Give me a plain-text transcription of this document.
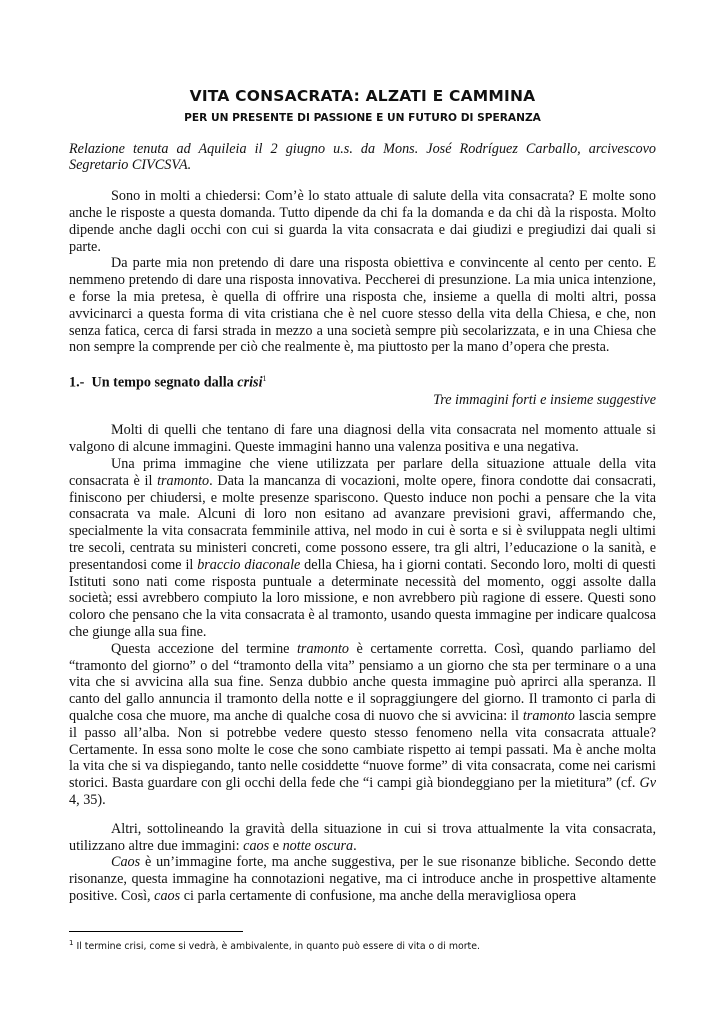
VITA CONSACRATA: ALZATI E CAMMINA
PER UN PRESENTE DI PASSIONE E UN FUTURO DI SPERANZA
Relazione tenuta ad Aquileia il 2 giugno u.s. da Mons. José Rodríguez Carballo, arcivescovo Segretario CIVCSVA.

Sono in molti a chiedersi: Com’è lo stato attuale di salute della vita consacrata? E molte sono anche le risposte a questa domanda. Tutto dipende da chi fa la domanda e da chi dà la risposta. Molto dipende anche dagli occhi con cui si guarda la vita consacrata e dai giudizi e pregiudizi dai quali si parte.

Da parte mia non pretendo di dare una risposta obiettiva e convincente al cento per cento. E nemmeno pretendo di dare una risposta innovativa. Peccherei di presunzione. La mia unica intenzione, e forse la mia pretesa, è quella di offrire una risposta che, insieme a quella di molti altri, possa avvicinarci a questa forma di vita cristiana che è nel cuore stesso della vita della Chiesa, e che, non senza fatica, cerca di farsi strada in mezzo a una società sempre più secolarizzata, e in una Chiesa che non sempre la comprende per ciò che realmente è, ma piuttosto per la mano d’opera che presta.

1.- Un tempo segnato dalla crisi$^1$
Tre immagini forti e insieme suggestive

Molti di quelli che tentano di fare una diagnosi della vita consacrata nel momento attuale si valgono di alcune immagini. Queste immagini hanno una valenza positiva e una negativa.

Una prima immagine che viene utilizzata per parlare della situazione attuale della vita consacrata è il tramonto. Data la mancanza di vocazioni, molte opere, finora condotte dai consacrati, finiscono per chiudersi, e molte presenze spariscono. Questo induce non pochi a pensare che la vita consacrata va male. Alcuni di loro non esitano ad avanzare previsioni gravi, affermando che, specialmente la vita consacrata femminile attiva, nel modo in cui è sorta e si è sviluppata negli ultimi tre secoli, centrata su ministeri concreti, come possono essere, tra gli altri, l’educazione o la sanità, e presentandosi come il braccio diaconale della Chiesa, ha i giorni contati. Secondo loro, molti di questi Istituti sono nati come risposta puntuale a determinate necessità del momento, oggi assolte dalla società; essi avrebbero compiuto la loro missione, e non avrebbero più ragione di essere. Questi sono coloro che pensano che la vita consacrata è al tramonto, usando questa immagine per indicare qualcosa che giunge alla sua fine.

Questa accezione del termine tramonto è certamente corretta. Così, quando parliamo del “tramonto del giorno” o del “tramonto della vita” pensiamo a un giorno che sta per terminare o a una vita che si avvicina alla sua fine. Senza dubbio anche questa immagine può aprirci alla speranza. Il canto del gallo annuncia il tramonto della notte e il sopraggiungere del giorno. Il tramonto ci parla di qualche cosa che muore, ma anche di qualche cosa di nuovo che si avvicina: il tramonto lascia sempre il passo all’alba. Non si potrebbe vedere questo stesso fenomeno nella vita consacrata attuale? Certamente. In essa sono molte le cose che sono cambiate rispetto ai tempi passati. Ma è anche molta la vita che si va dispiegando, tanto nelle cosiddette “nuove forme” di vita consacrata, come nei carismi storici. Basta guardare con gli occhi della fede che “i campi già biondeggiano per la mietitura” (cf. Gv 4, 35).

Altri, sottolineando la gravità della situazione in cui si trova attualmente la vita consacrata, utilizzano altre due immagini: caos e notte oscura.

Caos è un’immagine forte, ma anche suggestiva, per le sue risonanze bibliche. Secondo dette risonanze, questa immagine ha connotazioni negative, ma ci introduce anche in prospettive altamente positive. Così, caos ci parla certamente di confusione, ma anche della meravigliosa opera

$^1$ Il termine crisi, come si vedrà, è ambivalente, in quanto può essere di vita o di morte.
